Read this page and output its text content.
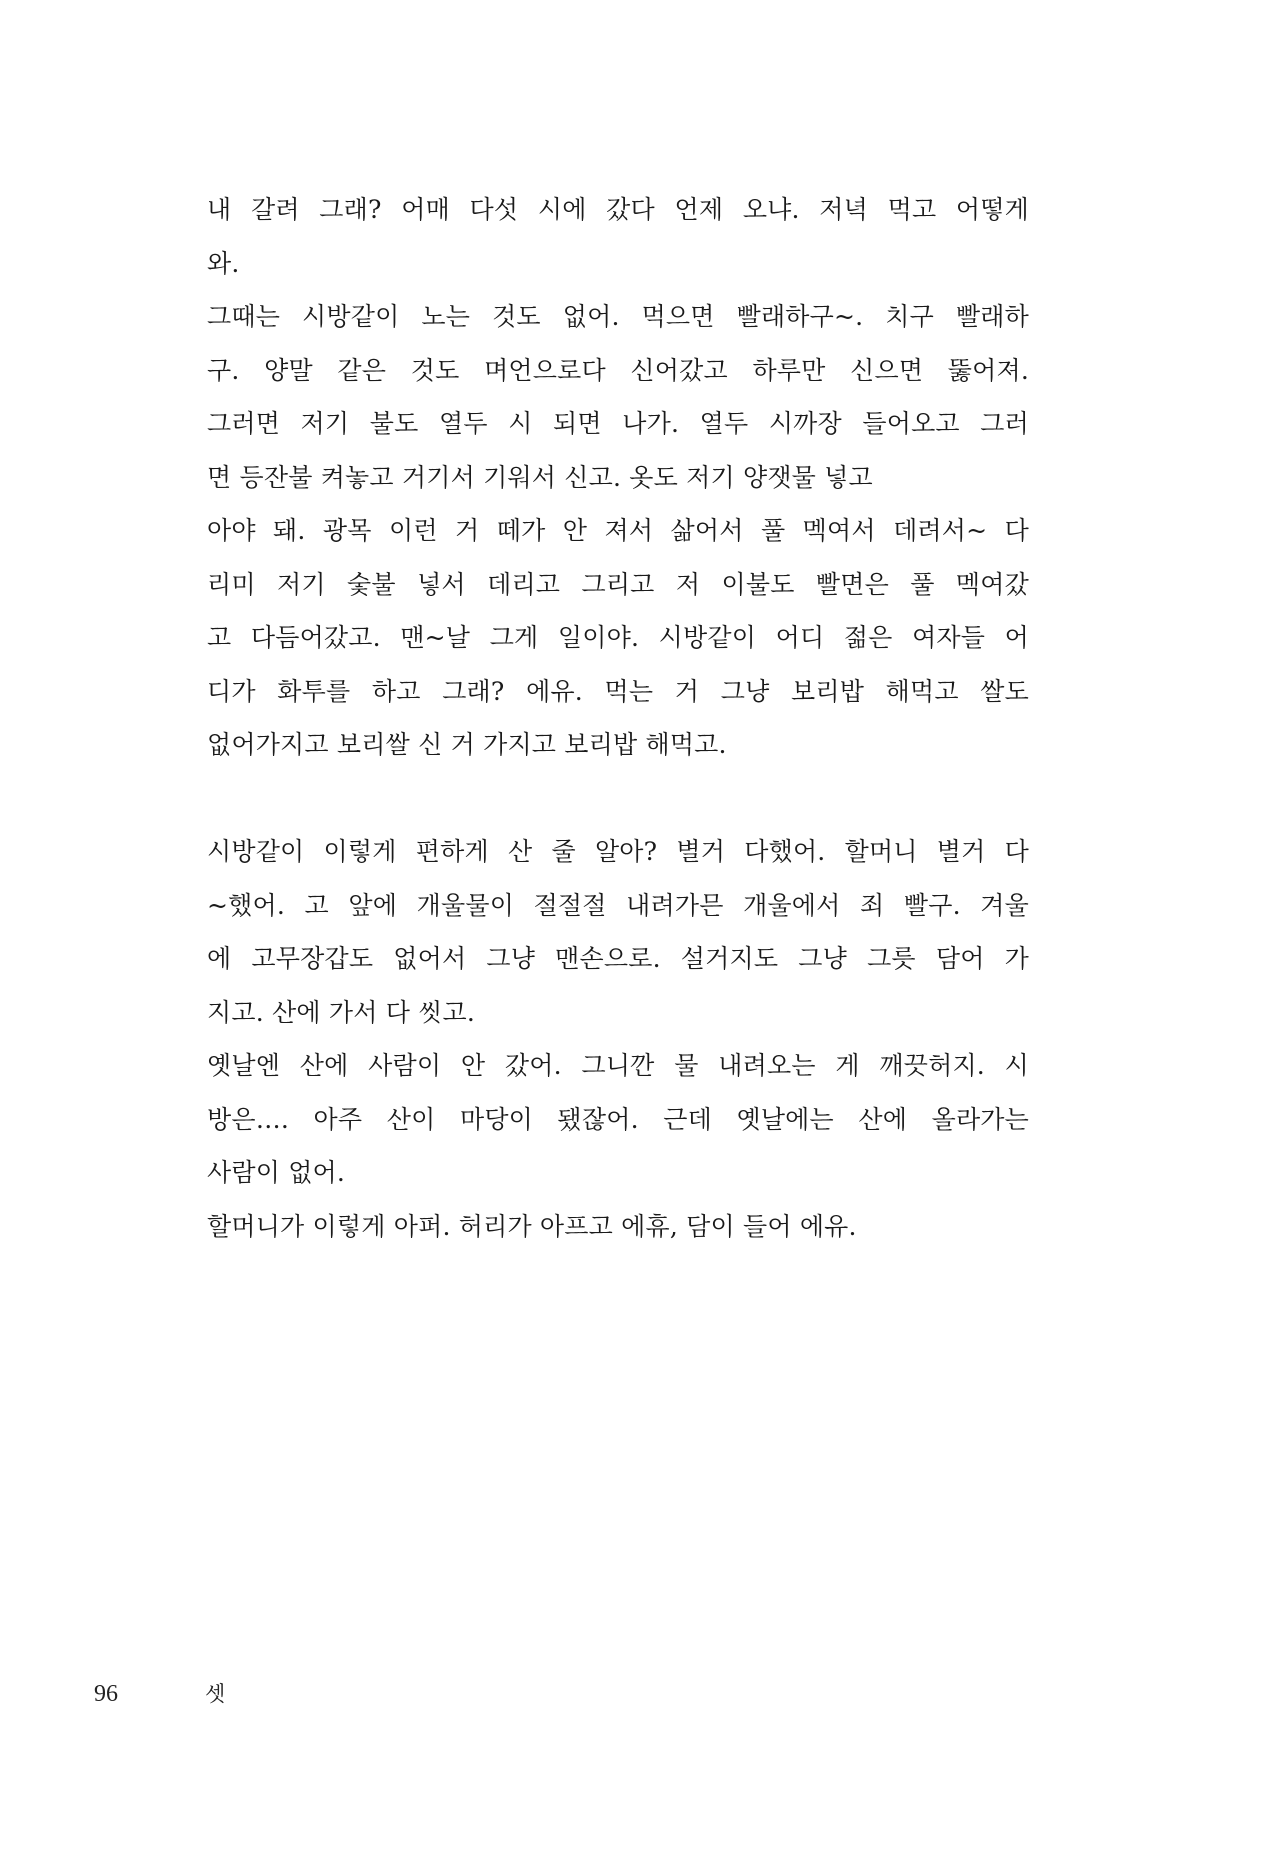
내 갈려 그래? 어매 다섯 시에 갔다 언제 오냐. 저녁 먹고 어떻게
와.
그때는 시방같이 노는 것도 없어. 먹으면 빨래하구~. 치구 빨래하
구. 양말 같은 것도 며언으로다 신어갔고 하루만 신으면 뚫어져.
그러면 저기 불도 열두 시 되면 나가. 열두 시까장 들어오고 그러
면 등잔불 켜놓고 거기서 기워서 신고. 옷도 저기 양잿물 넣고
아야 돼. 광목 이런 거 떼가 안 져서 삶어서 풀 멕여서 데려서~ 다
리미 저기 숯불 넣서 데리고 그리고 저 이불도 빨면은 풀 멕여갔
고 다듬어갔고. 맨~날 그게 일이야. 시방같이 어디 젊은 여자들 어
디가 화투를 하고 그래? 에유. 먹는 거 그냥 보리밥 해먹고 쌀도
없어가지고 보리쌀 신 거 가지고 보리밥 해먹고.
시방같이 이렇게 편하게 산 줄 알아? 별거 다했어. 할머니 별거 다
~했어. 고 앞에 개울물이 절절절 내려가믄 개울에서 죄 빨구. 겨울
에 고무장갑도 없어서 그냥 맨손으로. 설거지도 그냥 그릇 담어 가
지고. 산에 가서 다 씻고.
옛날엔 산에 사람이 안 갔어. 그니깐 물 내려오는 게 깨끗허지. 시
방은…. 아주 산이 마당이 됐잖어. 근데 옛날에는 산에 올라가는
사람이 없어.
할머니가 이렇게 아퍼. 허리가 아프고 에휴, 담이 들어 에유.
96	셋
